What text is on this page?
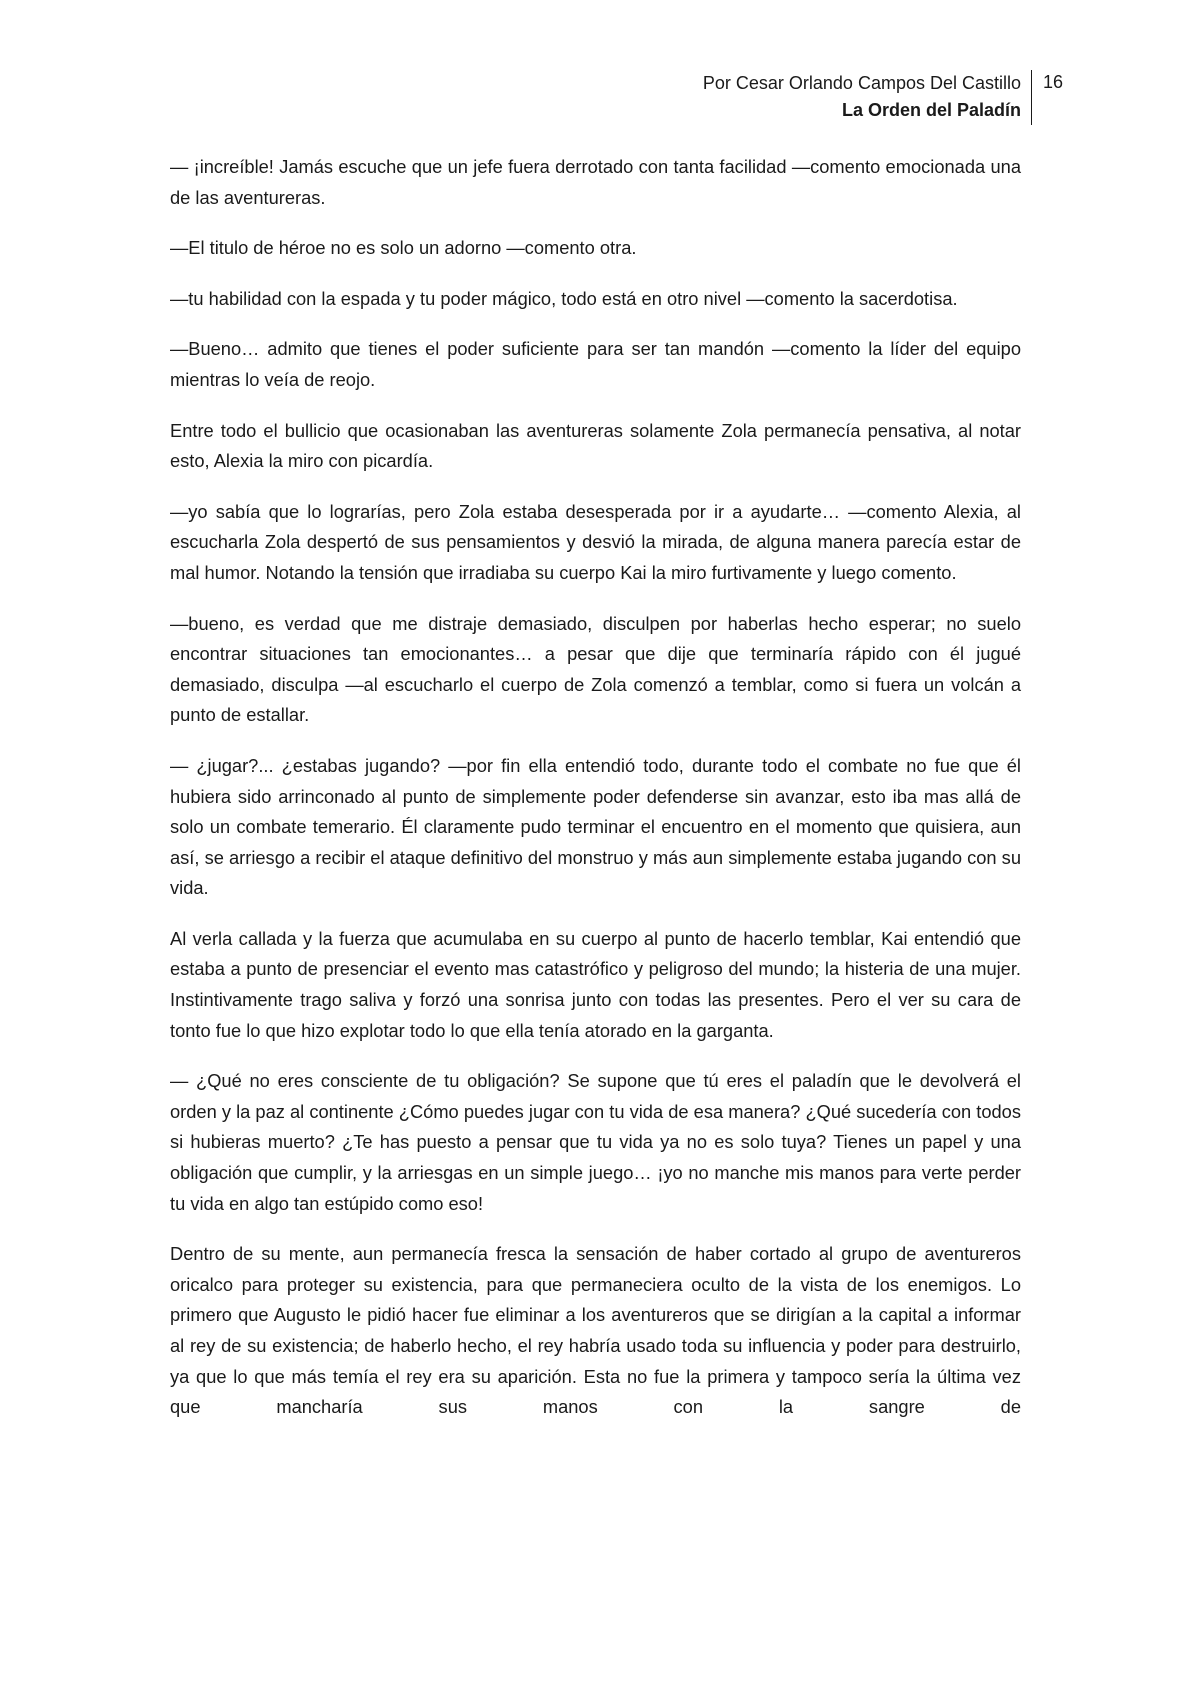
Por Cesar Orlando Campos Del Castillo
La Orden del Paladín
16

— ¡increíble! Jamás escuche que un jefe fuera derrotado con tanta facilidad —comento emocionada una de las aventureras.

—El titulo de héroe no es solo un adorno —comento otra.

—tu habilidad con la espada y tu poder mágico, todo está en otro nivel —comento la sacerdotisa.

—Bueno… admito que tienes el poder suficiente para ser tan mandón —comento la líder del equipo mientras lo veía de reojo.

Entre todo el bullicio que ocasionaban las aventureras solamente Zola permanecía pensativa, al notar esto, Alexia la miro con picardía.

—yo sabía que lo lograrías, pero Zola estaba desesperada por ir a ayudarte… —comento Alexia, al escucharla Zola despertó de sus pensamientos y desvió la mirada, de alguna manera parecía estar de mal humor. Notando la tensión que irradiaba su cuerpo Kai la miro furtivamente y luego comento.

—bueno, es verdad que me distraje demasiado, disculpen por haberlas hecho esperar; no suelo encontrar situaciones tan emocionantes… a pesar que dije que terminaría rápido con él jugué demasiado, disculpa —al escucharlo el cuerpo de Zola comenzó a temblar, como si fuera un volcán a punto de estallar.

— ¿jugar?... ¿estabas jugando? —por fin ella entendió todo, durante todo el combate no fue que él hubiera sido arrinconado al punto de simplemente poder defenderse sin avanzar, esto iba mas allá de solo un combate temerario. Él claramente pudo terminar el encuentro en el momento que quisiera, aun así, se arriesgo a recibir el ataque definitivo del monstruo y más aun simplemente estaba jugando con su vida.

Al verla callada y la fuerza que acumulaba en su cuerpo al punto de hacerlo temblar, Kai entendió que estaba a punto de presenciar el evento mas catastrófico y peligroso del mundo; la histeria de una mujer. Instintivamente trago saliva y forzó una sonrisa junto con todas las presentes. Pero el ver su cara de tonto fue lo que hizo explotar todo lo que ella tenía atorado en la garganta.

— ¿Qué no eres consciente de tu obligación? Se supone que tú eres el paladín que le devolverá el orden y la paz al continente ¿Cómo puedes jugar con tu vida de esa manera? ¿Qué sucedería con todos si hubieras muerto? ¿Te has puesto a pensar que tu vida ya no es solo tuya? Tienes un papel y una obligación que cumplir, y la arriesgas en un simple juego… ¡yo no manche mis manos para verte perder tu vida en algo tan estúpido como eso!

Dentro de su mente, aun permanecía fresca la sensación de haber cortado al grupo de aventureros oricalco para proteger su existencia, para que permaneciera oculto de la vista de los enemigos. Lo primero que Augusto le pidió hacer fue eliminar a los aventureros que se dirigían a la capital a informar al rey de su existencia; de haberlo hecho, el rey habría usado toda su influencia y poder para destruirlo, ya que lo que más temía el rey era su aparición. Esta no fue la primera y tampoco sería la última vez que mancharía sus manos con la sangre de
